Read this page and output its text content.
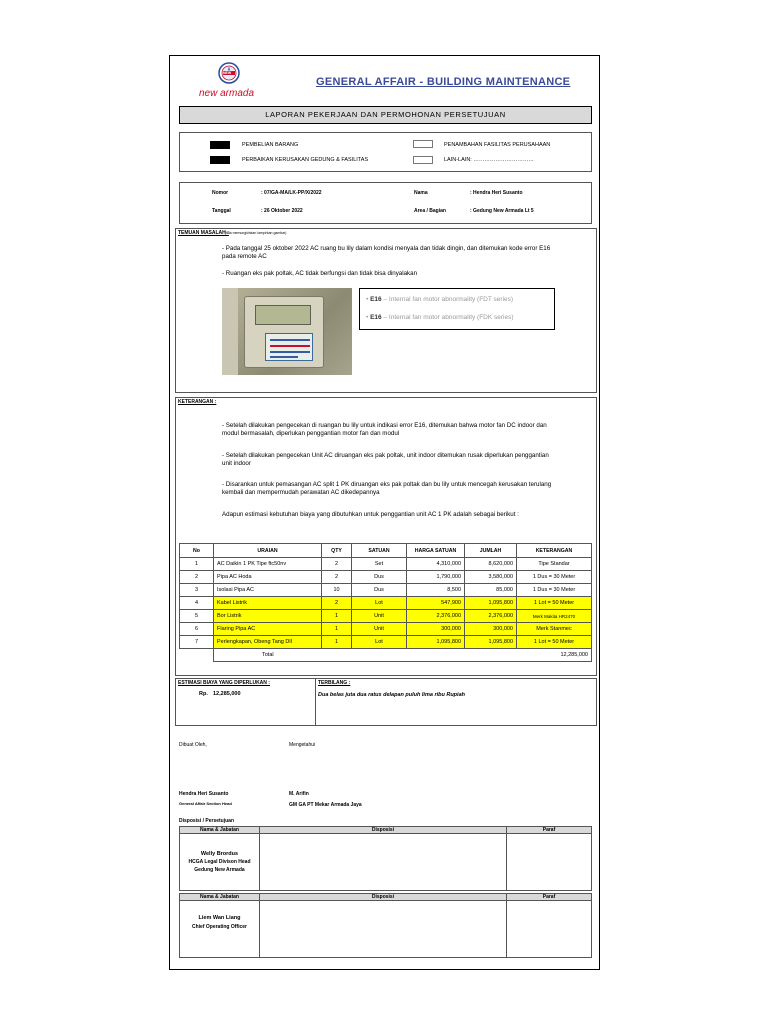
NEW
new armada
GENERAL AFFAIR - BUILDING MAINTENANCE
LAPORAN PEKERJAAN DAN PERMOHONAN PERSETUJUAN
PEMBELIAN BARANG
PERBAIKAN KERUSAKAN GEDUNG & FASILITAS
PENAMBAHAN FASILITAS PERUSAHAAN
LAIN-LAIN: ……………………………
Nomor	: 07/GA-MA/LK-PP/X/2022
Tanggal	: 26 Oktober 2022
Nama	: Hendra Heri Susanto
Area / Bagian	: Gedung New Armada Lt 5
TEMUAN MASALAH :
(bila memungkinkan lampirkan gambar)
- Pada tanggal 25 oktober 2022 AC ruang bu lily dalam kondisi menyala dan tidak dingin, dan ditemukan kode error E16 pada remote AC
- Ruangan eks pak poltak, AC tidak berfungsi dan tidak bisa dinyalakan
• E16 – Internal fan motor abnormality (FDT series)
• E16 – Internal fan motor abnormality (FDK series)
KETERANGAN :
- Setelah dilakukan pengecekan di ruangan bu lily untuk indikasi error E16, ditemukan bahwa motor fan DC indoor dan modul bermasalah, diperlukan penggantian motor fan dan modul
- Setelah dilakukan pengecekan Unit AC diruangan eks pak poltak, unit indoor ditemukan rusak diperlukan penggantian unit indoor
- Disarankan untuk pemasangan AC split 1 PK diruangan eks pak poltak dan bu lily untuk mencegah kerusakan terulang kembali dan mempermudah perawatan AC dikedepannya
Adapun estimasi kebutuhan biaya yang dibutuhkan untuk penggantian unit AC 1 PK adalah sebagai berikut :
No	URAIAN	QTY	SATUAN	HARGA SATUAN	JUMLAH	KETERANGAN
1	AC Daikin 1 PK Tipe ftc50nv	2	Set	4,310,000	8,620,000	Tipe Standar
2	Pipa AC Hoda	2	Dus	1,790,000	3,580,000	1 Dus = 30 Meter
3	Isolasi Pipa AC	10	Dus	8,500	85,000	1 Dus = 30 Meter
4	Kabel Listrik	2	Lot	547,900	1,095,800	1 Lot = 50 Meter
5	Bor Listrik	1	Unit	2,376,000	2,376,000	Merk Makita HR2470
6	Flaring Pipa AC	1	Unit	300,000	300,000	Merk Stanmec
7	Perlengkapan, Obeng Tang Dll	1	Lot	1,095,800	1,095,800	1 Lot = 50 Meter
	Total					12,285,000
ESTIMASI BIAYA YANG DIPERLUKAN :
Rp. 12,285,000
TERBILANG :
Dua belas juta dua ratus delapan puluh lima ribu Rupiah
Dibuat Oleh,	Mengetahui
Hendra Heri Susanto
General Affair Section Head
M. Arifin
GM GA PT Mekar Armada Jaya
Disposisi / Persetujuan
Nama & Jabatan	Disposisi	Paraf

Welly Brordus
HCGA Legal Divison Head
Gedung New Armada		

Nama & Jabatan	Disposisi	Paraf

Liem Wan Liang
Chief Operating Officer		
